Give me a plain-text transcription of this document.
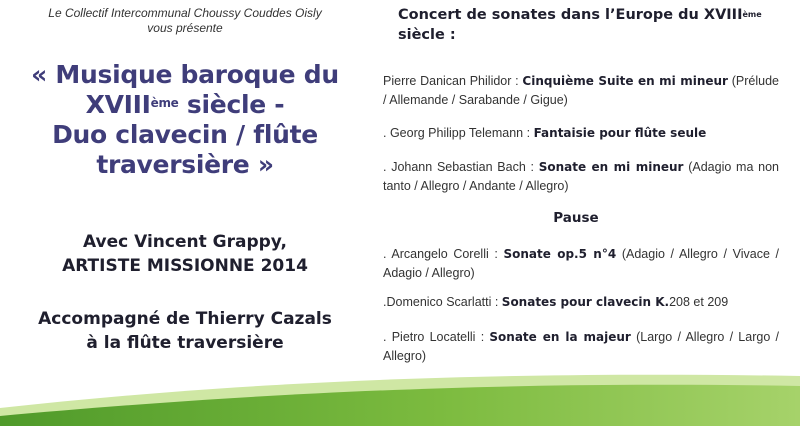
Le Collectif Intercommunal Choussy Couddes Oisly
vous présente
« Musique baroque du
XVIIIème siècle -
Duo clavecin / flûte
traversière »
Avec Vincent Grappy,
ARTISTE MISSIONNE 2014
Accompagné de Thierry Cazals
à la flûte traversière
Concert de sonates dans l’Europe du XVIIIème
siècle :
Pierre Danican Philidor : Cinquième Suite en mi mineur (Prélude / Allemande / Sarabande / Gigue)
. Georg Philipp Telemann : Fantaisie pour flûte seule
. Johann Sebastian Bach : Sonate en mi mineur (Adagio ma non tanto / Allegro / Andante / Allegro)
Pause
. Arcangelo Corelli : Sonate op.5 n°4 (Adagio / Allegro / Vivace / Adagio / Allegro)
.Domenico Scarlatti : Sonates pour clavecin K.208 et 209
. Pietro Locatelli : Sonate en la majeur (Largo / Allegro / Largo / Allegro)
